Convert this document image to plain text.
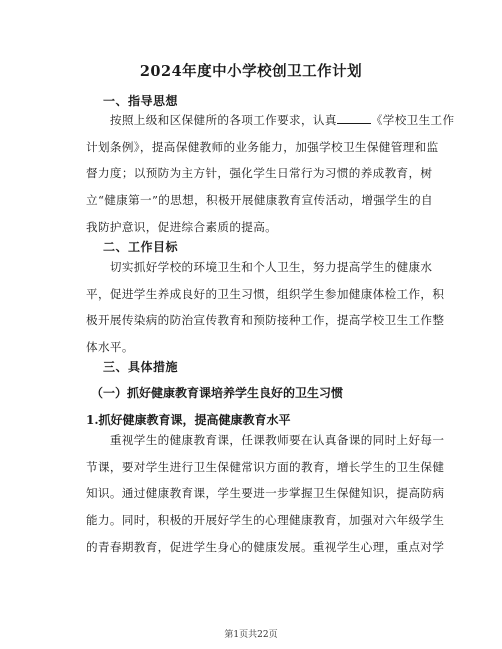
2024年度中小学校创卫工作计划
一、指导思想
　　按照上级和区保健所的各项工作要求，认真	《学校卫生工作
计划条例》，提高保健教师的业务能力，加强学校卫生保健管理和监
督力度；以预防为主方针，强化学生日常行为习惯的养成教育，树
立“健康第一”的思想，积极开展健康教育宣传活动，增强学生的自
我防护意识，促进综合素质的提高。
二、工作目标
　　切实抓好学校的环境卫生和个人卫生，努力提高学生的健康水
平，促进学生养成良好的卫生习惯，组织学生参加健康体检工作，积
极开展传染病的防治宣传教育和预防接种工作，提高学校卫生工作整
体水平。
三、具体措施
（一）抓好健康教育课培养学生良好的卫生习惯
1.抓好健康教育课，提高健康教育水平
　　重视学生的健康教育课，任课教师要在认真备课的同时上好每一
节课，要对学生进行卫生保健常识方面的教育，增长学生的卫生保健
知识。通过健康教育课，学生要进一步掌握卫生保健知识，提高防病
能力。同时，积极的开展好学生的心理健康教育，加强对六年级学生
的青春期教育，促进学生身心的健康发展。重视学生心理，重点对学
第1页共22页
